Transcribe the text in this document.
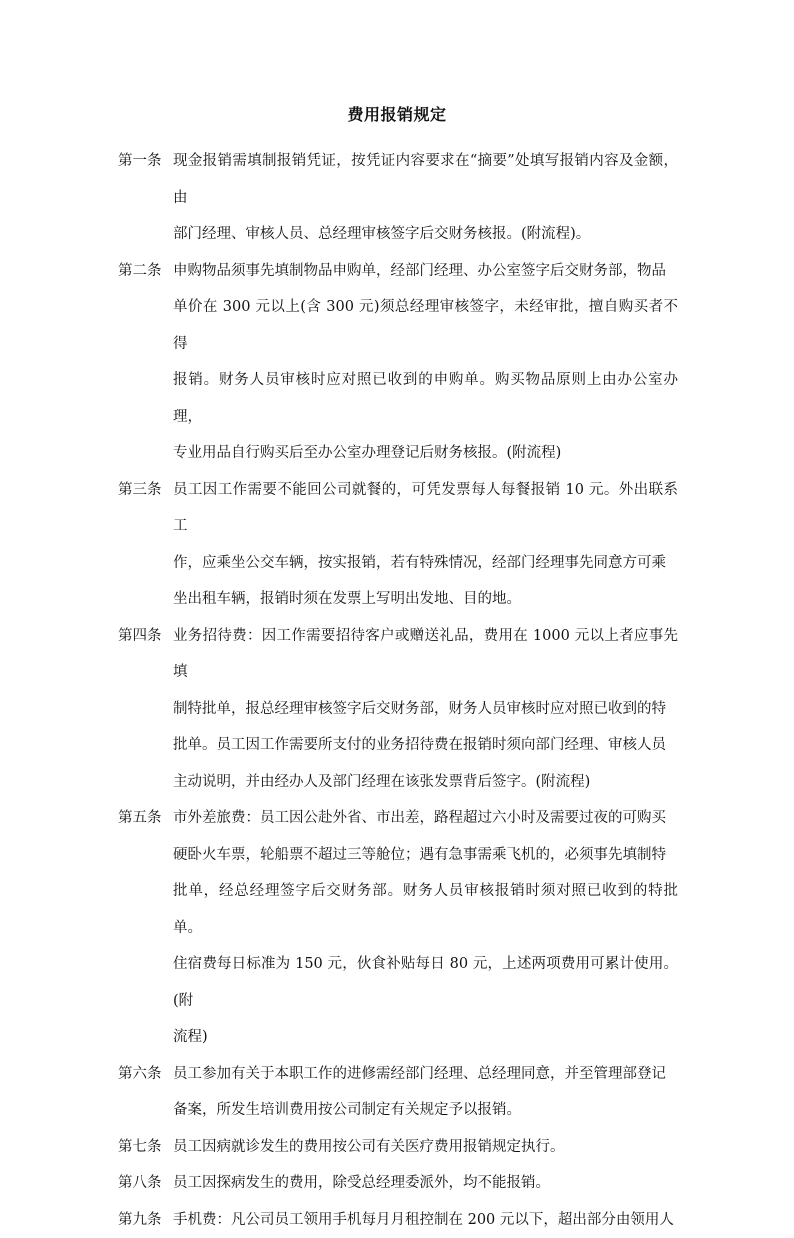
费用报销规定
第一条 现金报销需填制报销凭证，按凭证内容要求在“摘要”处填写报销内容及金额，由
部门经理、审核人员、总经理审核签字后交财务核报。(附流程)。
第二条 申购物品须事先填制物品申购单，经部门经理、办公室签字后交财务部，物品
单价在 300 元以上(含 300 元)须总经理审核签字，未经审批，擅自购买者不得
报销。财务人员审核时应对照已收到的申购单。购买物品原则上由办公室办理，
专业用品自行购买后至办公室办理登记后财务核报。(附流程)
第三条 员工因工作需要不能回公司就餐的，可凭发票每人每餐报销 10 元。外出联系工
作，应乘坐公交车辆，按实报销，若有特殊情况，经部门经理事先同意方可乘
坐出租车辆，报销时须在发票上写明出发地、目的地。
第四条 业务招待费：因工作需要招待客户或赠送礼品，费用在 1000 元以上者应事先填
制特批单，报总经理审核签字后交财务部，财务人员审核时应对照已收到的特
批单。员工因工作需要所支付的业务招待费在报销时须向部门经理、审核人员
主动说明，并由经办人及部门经理在该张发票背后签字。(附流程)
第五条 市外差旅费：员工因公赴外省、市出差，路程超过六小时及需要过夜的可购买
硬卧火车票，轮船票不超过三等舱位；遇有急事需乘飞机的，必须事先填制特
批单，经总经理签字后交财务部。财务人员审核报销时须对照已收到的特批单。
住宿费每日标准为 150 元，伙食补贴每日 80 元，上述两项费用可累计使用。(附
流程)
第六条 员工参加有关于本职工作的进修需经部门经理、总经理同意，并至管理部登记
备案，所发生培训费用按公司制定有关规定予以报销。
第七条 员工因病就诊发生的费用按公司有关医疗费用报销规定执行。
第八条 员工因探病发生的费用，除受总经理委派外，均不能报销。
第九条 手机费：凡公司员工领用手机每月月租控制在 200 元以下，超出部分由领用人
